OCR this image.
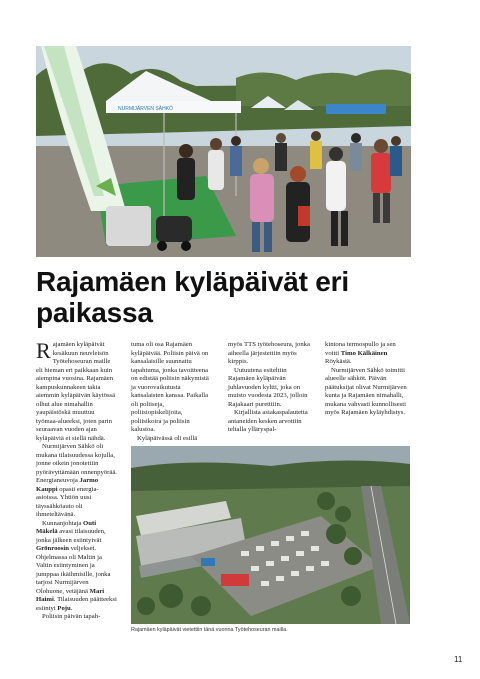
NURMIJÄRVEN SÄHKÖ
Rajamäen kyläpäivät eri paikassa

Rajamäen kyläpäivät kesäkuun neuvleisön Työtehoseuran maille eli hieman eri paikkaan kuin aiempina vuosina. Rajamäen kampuskunnakeen takia aiemmin kyläpäivän käytössä olhut alue nimahallin yaupäistöskä muuttuu työmaa-alueeksi, joten parin seuraavan vuoden ajan kyläpäiviä ei siellä nähdä.

Nurmijärven Sähkö oli mukana tilaisuudessa kojulla, jonne oikein jonotettiin pyörävyttämään onnenpyörää. Energianeuvoja Jarmo Kauppi opasti energia-asioissa. Yhtiön uusi täyssähköauto oli ihmeteltävänä.

Kunnanjohtaja Outi Mäkelä avasi tilaisuuden, jonka jälkeen esiintyivät Grönroosin veljekset. Ohjelmassa oli Maltin ja Valtin esiintyminen ja jumppaa ikäihmisille, jonka tarjosi Nurmijärven Olohuone, vetäjänä Mari Haimi. Tilaisuuden päätteeksi esiintyi Poju.

Poliisin päivän tapah-

tuma oli osa Rajamäen kyläpäivää. Poliisin päivä on kansalaisille suunnattu tapahtuma, jonka tavoitteena on edistää poliisin näkymistä ja vuorovaikutusta kansalaisten kanssa. Paikalla oli poliiseja, poliisiopiskelijoita, poliisikoira ja poliisin kalustoa.

Kyläpäivässä oli esillä

myös TTS työtehoseura, jonka aiheella järjestettiin myös kirppis.

Uutuutena esiteltiin Rajamäen kyläpäivän juhlavuoden kyltti, joka on muisto vuodesta 2023, jolloin Rajakaari puretttiin.

Kirjallista asiakaspalautetta antaneiden kesken arvottiin teltalla ylläryspal-

kintona termospullo ja sen voitti Timo Kälkäinen Röykästä.

Nurmijärven Sähkö toimitti alueelle sähköt. Päivän päätuksijat olivat Nurmijärven kunta ja Rajamäen nimahalli, mukana vahvasti kunnollisesti myös Rajamäen kyläyhdistys.

Rajamäen kyläpäivät vietettiin tänä vuonna Työtehoseuran mailla.
11
